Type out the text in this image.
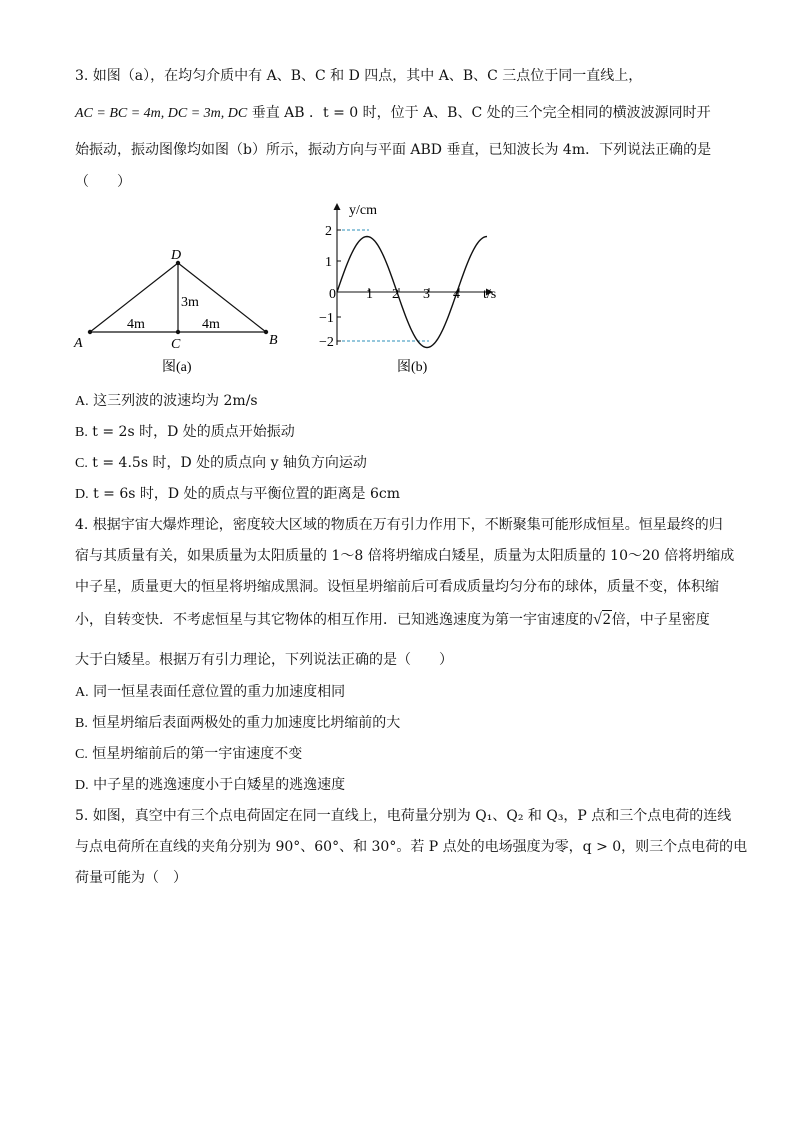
3. 如图（a），在均匀介质中有 A、B、C 和 D 四点，其中 A、B、C 三点位于同一直线上，
AC = BC = 4m, DC = 3m, DC 垂直 AB ．t = 0 时，位于 A、B、C 处的三个完全相同的横波波源同时开
始振动，振动图像均如图（b）所示，振动方向与平面 ABD 垂直，已知波长为 4m．下列说法正确的是
（　　）
A	B
C
D
3m
4m	4m
图(a)
y/cm
t/s
0 1 2 3 4
2
1
−1
−2
图(b)
A. 这三列波的波速均为 2m/s
B. t = 2s 时，D 处的质点开始振动
C. t = 4.5s 时，D 处的质点向 y 轴负方向运动
D. t = 6s 时，D 处的质点与平衡位置的距离是 6cm
4. 根据宇宙大爆炸理论，密度较大区域的物质在万有引力作用下，不断聚集可能形成恒星。恒星最终的归
宿与其质量有关，如果质量为太阳质量的 1～8 倍将坍缩成白矮星，质量为太阳质量的 10～20 倍将坍缩成
中子星，质量更大的恒星将坍缩成黑洞。设恒星坍缩前后可看成质量均匀分布的球体，质量不变，体积缩
小，自转变快．不考虑恒星与其它物体的相互作用．已知逃逸速度为第一宇宙速度的√2倍，中子星密度
大于白矮星。根据万有引力理论，下列说法正确的是（　　）
A. 同一恒星表面任意位置的重力加速度相同
B. 恒星坍缩后表面两极处的重力加速度比坍缩前的大
C. 恒星坍缩前后的第一宇宙速度不变
D. 中子星的逃逸速度小于白矮星的逃逸速度
5. 如图，真空中有三个点电荷固定在同一直线上，电荷量分别为 Q₁、Q₂ 和 Q₃，P 点和三个点电荷的连线
与点电荷所在直线的夹角分别为 90°、60°、和 30°。若 P 点处的电场强度为零，q > 0，则三个点电荷的电
荷量可能为（　）
